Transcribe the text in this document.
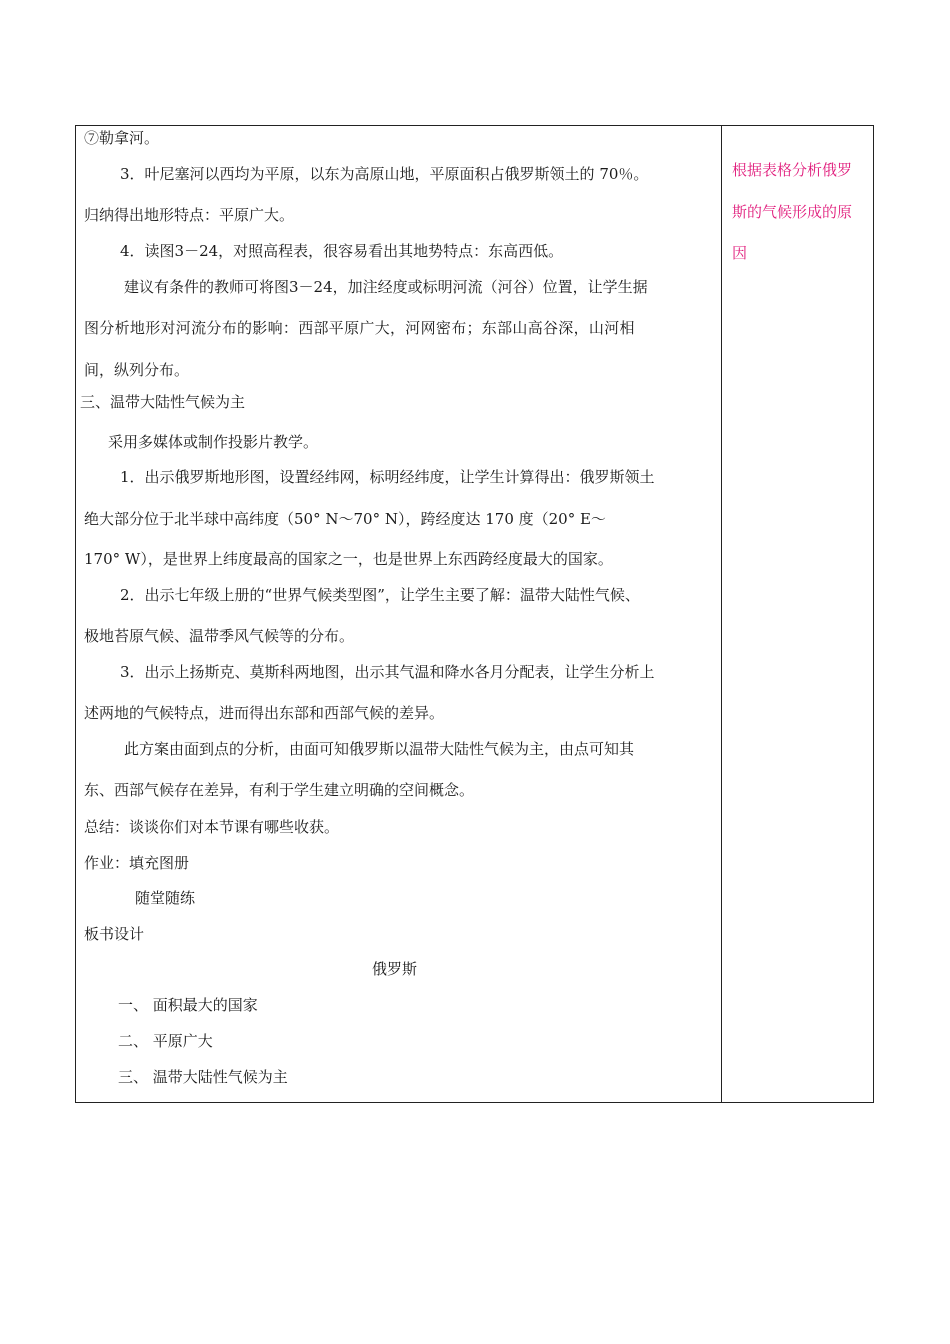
⑦勒拿河。
3．叶尼塞河以西均为平原，以东为高原山地，平原面积占俄罗斯领土的 70％。
归纳得出地形特点：平原广大。
4．读图3－24，对照高程表，很容易看出其地势特点：东高西低。
建议有条件的教师可将图3－24，加注经度或标明河流（河谷）位置，让学生据
图分析地形对河流分布的影响：西部平原广大，河网密布；东部山高谷深，山河相
间，纵列分布。
三、温带大陆性气候为主
采用多媒体或制作投影片教学。
1．出示俄罗斯地形图，设置经纬网，标明经纬度，让学生计算得出：俄罗斯领土
绝大部分位于北半球中高纬度（50° N～70° N），跨经度达 170 度（20° E～
170° W），是世界上纬度最高的国家之一，也是世界上东西跨经度最大的国家。
2．出示七年级上册的“世界气候类型图”，让学生主要了解：温带大陆性气候、
极地苔原气候、温带季风气候等的分布。
3．出示上扬斯克、莫斯科两地图，出示其气温和降水各月分配表，让学生分析上
述两地的气候特点，进而得出东部和西部气候的差异。
此方案由面到点的分析，由面可知俄罗斯以温带大陆性气候为主，由点可知其
东、西部气候存在差异，有利于学生建立明确的空间概念。
总结：谈谈你们对本节课有哪些收获。
作业：填充图册
随堂随练
板书设计
俄罗斯
一、 面积最大的国家
二、 平原广大
三、 温带大陆性气候为主
根据表格分析俄罗
斯的气候形成的原
因
